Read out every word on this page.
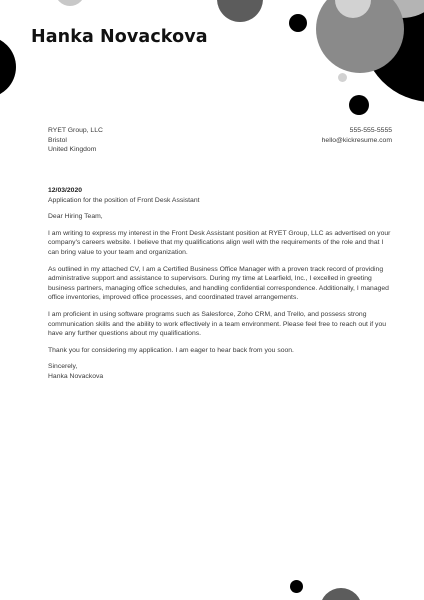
Hanka Novackova
RYET Group, LLC
Bristol
United Kingdom
555-555-5555
hello@kickresume.com
12/03/2020
Application for the position of Front Desk Assistant

Dear Hiring Team,

I am writing to express my interest in the Front Desk Assistant position at RYET Group, LLC as advertised on your company's careers website. I believe that my qualifications align well with the requirements of the role and that I can bring value to your team and organization.

As outlined in my attached CV, I am a Certified Business Office Manager with a proven track record of providing administrative support and assistance to supervisors. During my time at Learfield, Inc., I excelled in greeting business partners, managing office schedules, and handling confidential correspondence. Additionally, I managed office inventories, improved office processes, and coordinated travel arrangements.

I am proficient in using software programs such as Salesforce, Zoho CRM, and Trello, and possess strong communication skills and the ability to work effectively in a team environment. Please feel free to reach out if you have any further questions about my qualifications.

Thank you for considering my application. I am eager to hear back from you soon.

Sincerely,
Hanka Novackova
